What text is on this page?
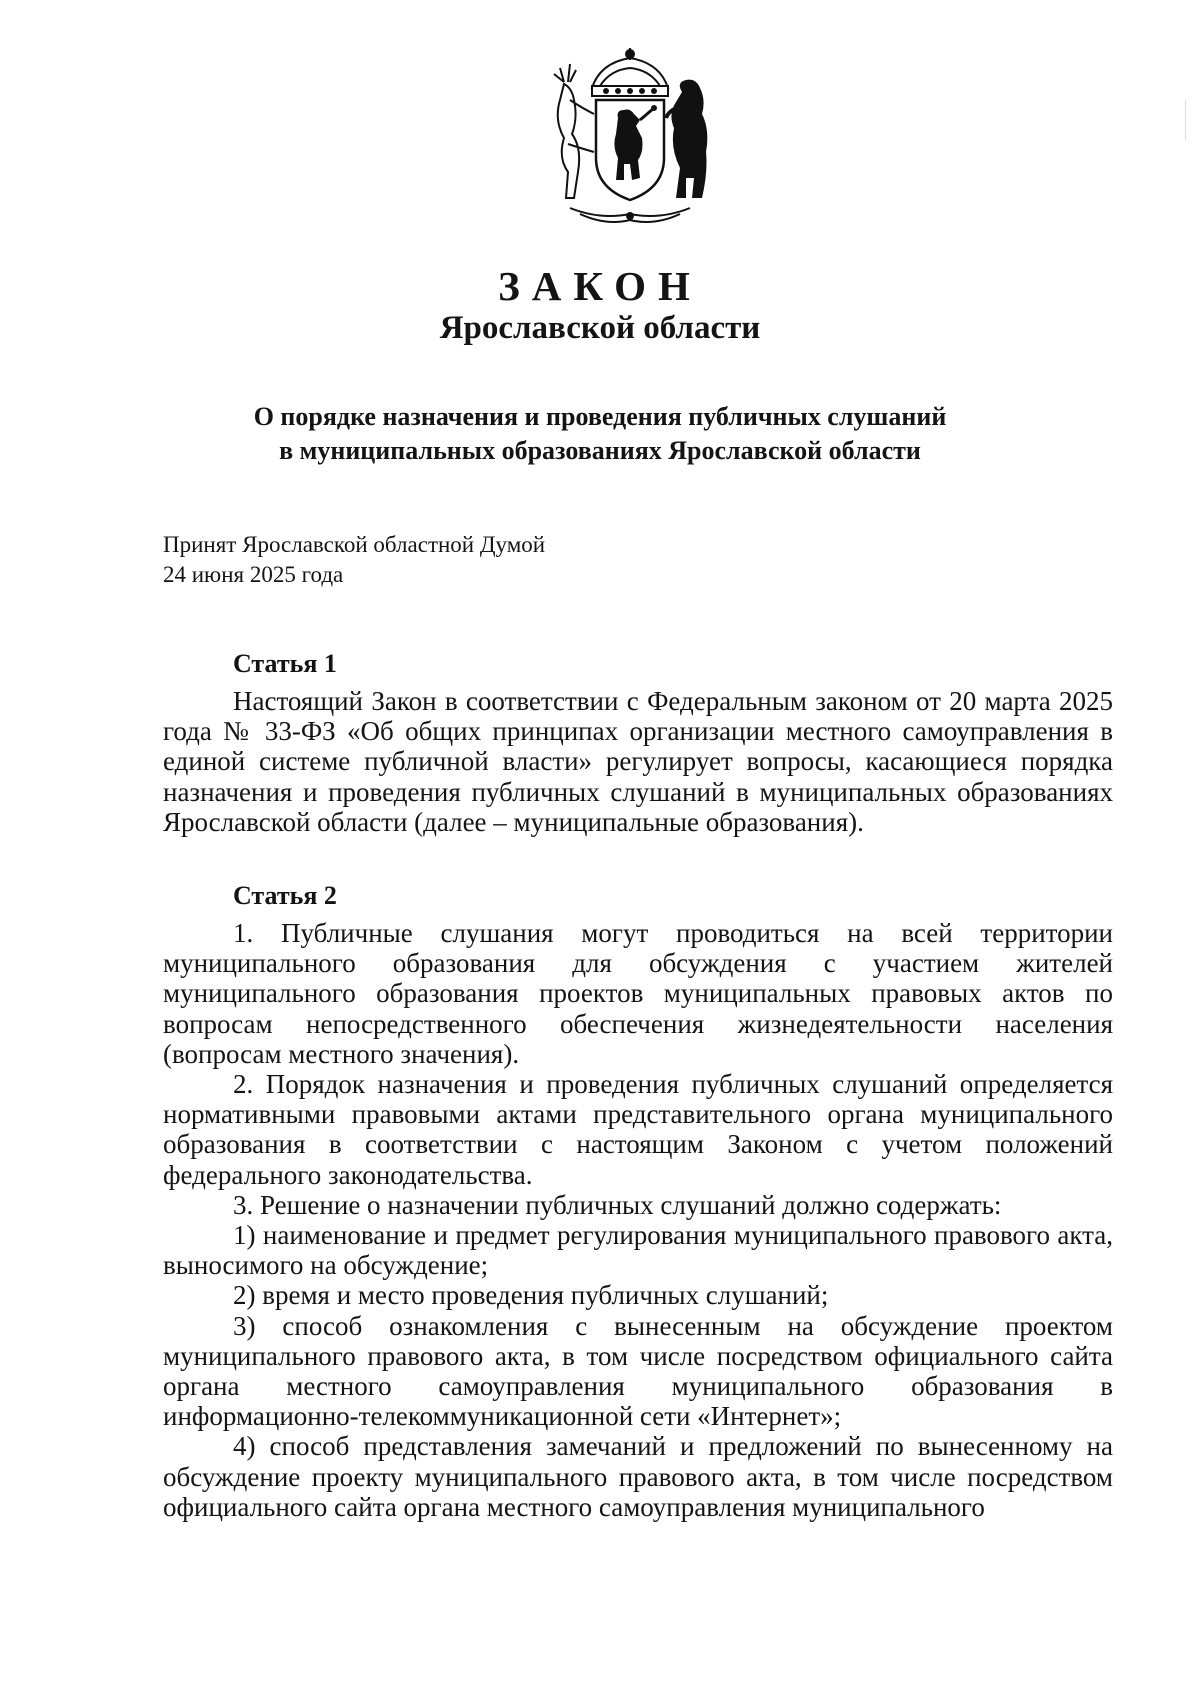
ЗАКОН
Ярославской области
О порядке назначения и проведения публичных слушаний
в муниципальных образованиях Ярославской области
Принят Ярославской областной Думой
24 июня 2025 года
Статья 1

Настоящий Закон в соответствии с Федеральным законом от 20 марта 2025 года № 33-ФЗ «Об общих принципах организации местного самоуправления в единой системе публичной власти» регулирует вопросы, касающиеся порядка назначения и проведения публичных слушаний в муниципальных образованиях Ярославской области (далее – муниципальные образования).

Статья 2

1. Публичные слушания могут проводиться на всей территории муниципального образования для обсуждения с участием жителей муниципального образования проектов муниципальных правовых актов по вопросам непосредственного обеспечения жизнедеятельности населения (вопросам местного значения).

2. Порядок назначения и проведения публичных слушаний определяется нормативными правовыми актами представительного органа муниципального образования в соответствии с настоящим Законом с учетом положений федерального законодательства.

3. Решение о назначении публичных слушаний должно содержать:

1) наименование и предмет регулирования муниципального правового акта, выносимого на обсуждение;

2) время и место проведения публичных слушаний;

3) способ ознакомления с вынесенным на обсуждение проектом муниципального правового акта, в том числе посредством официального сайта органа местного самоуправления муниципального образования в информационно-телекоммуникационной сети «Интернет»;

4) способ представления замечаний и предложений по вынесенному на обсуждение проекту муниципального правового акта, в том числе посредством официального сайта органа местного самоуправления муниципального
